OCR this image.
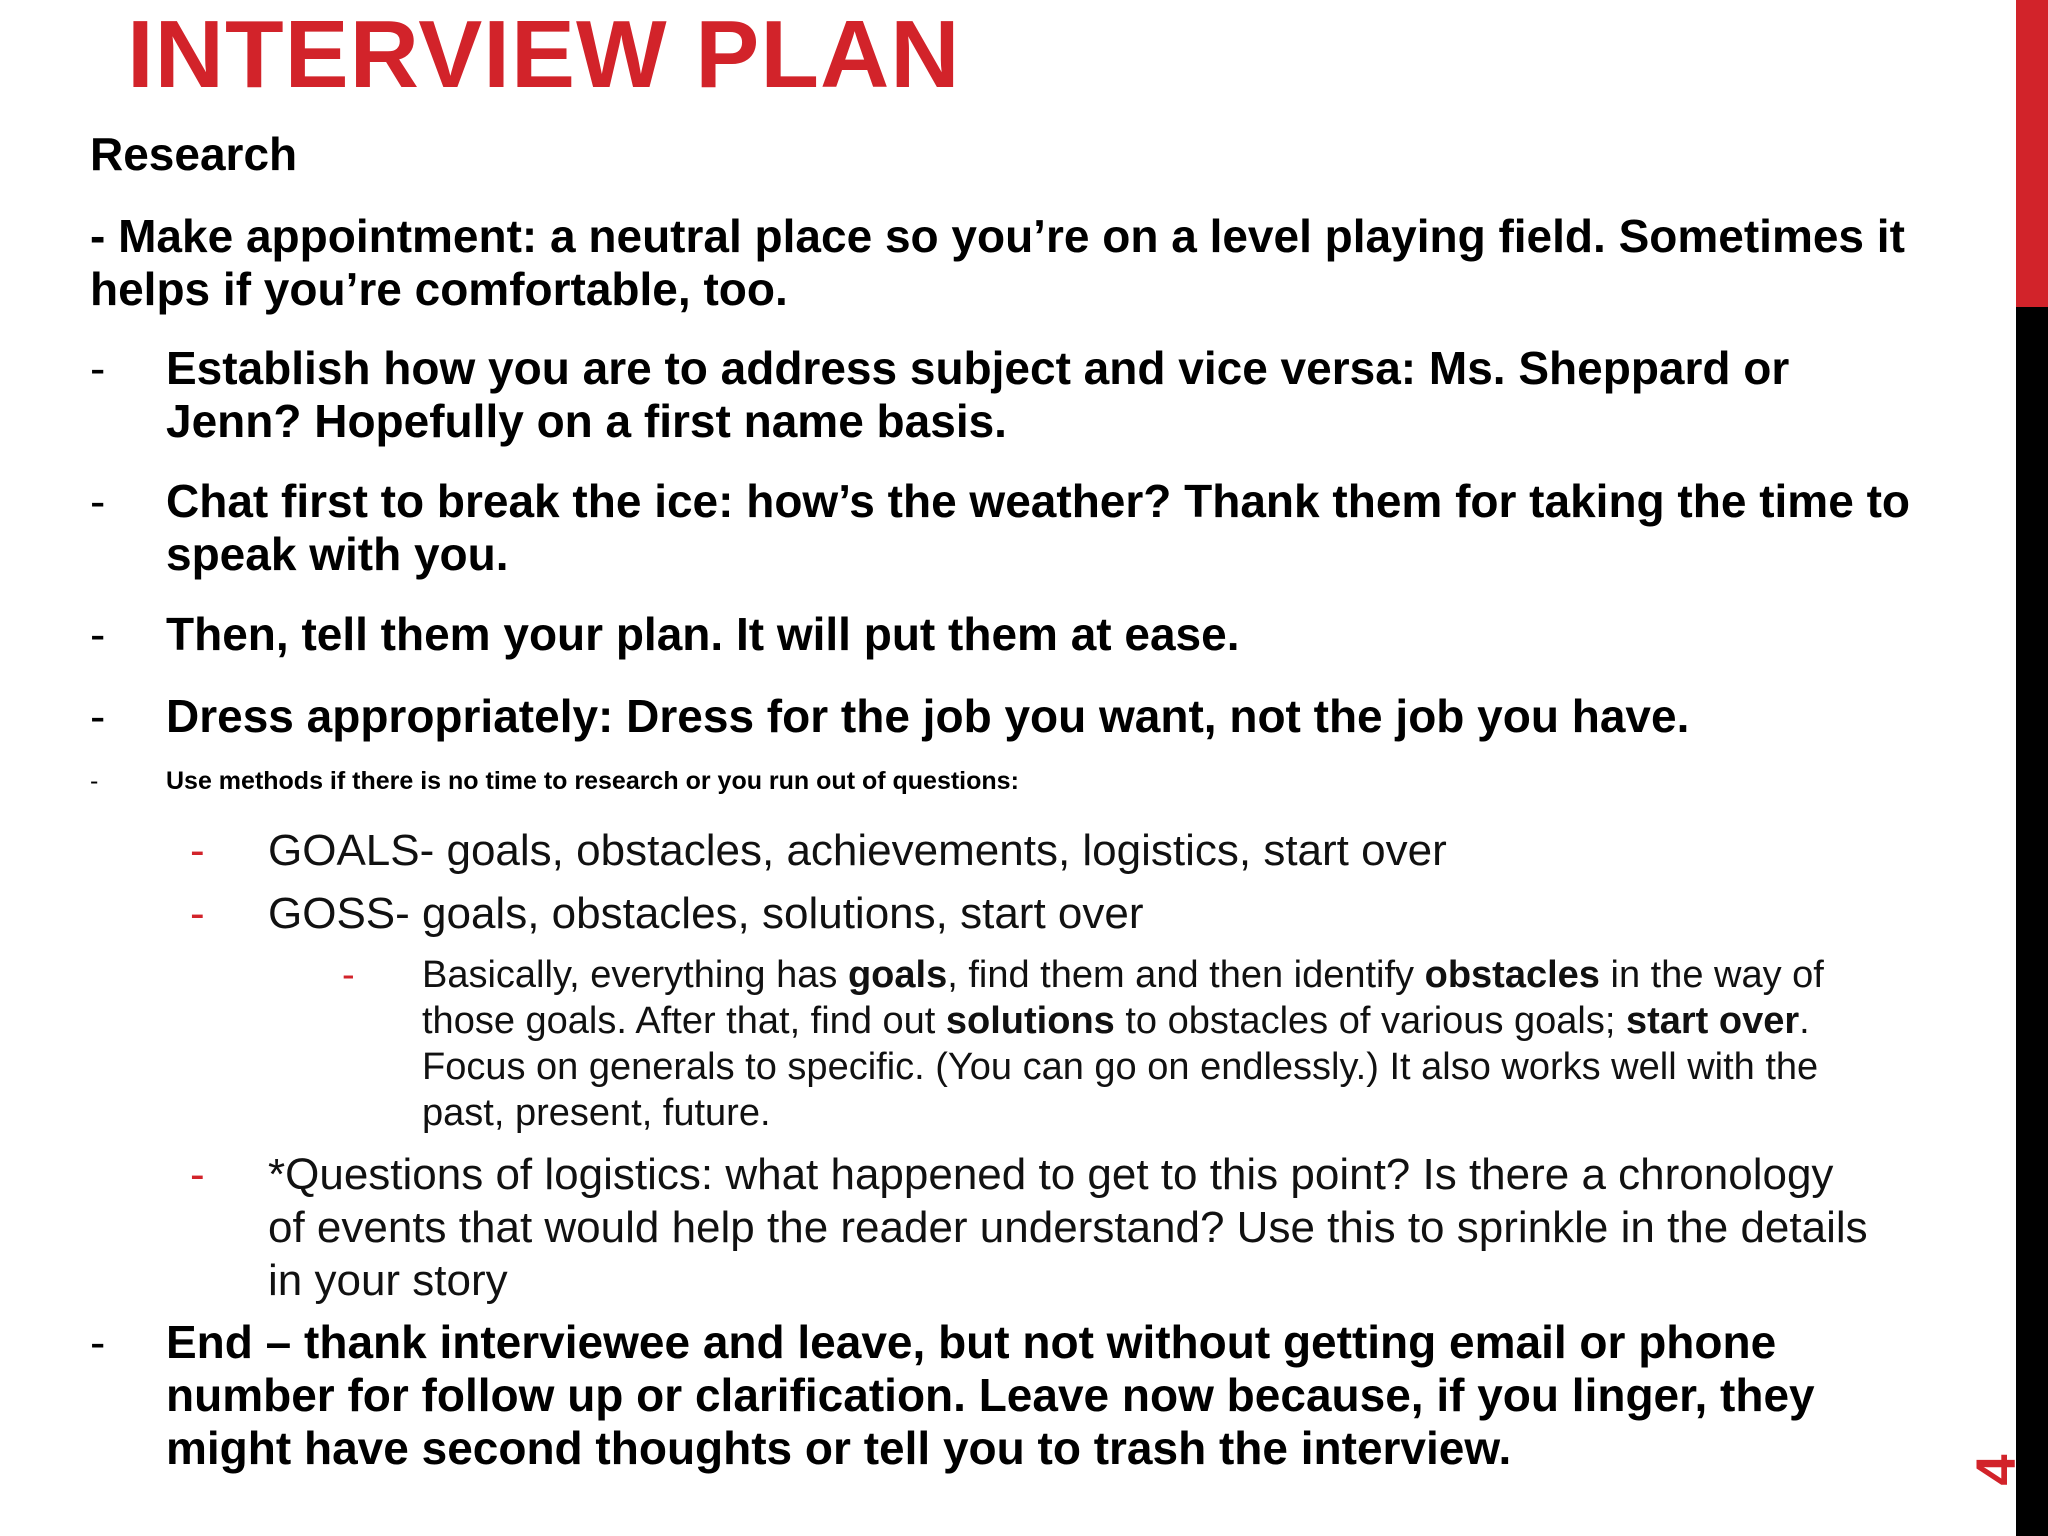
4
INTERVIEW PLAN

Research

- Make appointment: a neutral place so you’re on a level playing field. Sometimes it helps if you’re comfortable, too.

-	Establish how you are to address subject and vice versa: Ms. Sheppard or Jenn? Hopefully on a first name basis.
-	Chat first to break the ice: how’s the weather? Thank them for taking the time to speak with you.
-	Then, tell them your plan. It will put them at ease.
-	Dress appropriately: Dress for the job you want, not the job you have.
-	Use methods if there is no time to research or you run out of questions:
-	GOALS- goals, obstacles, achievements, logistics, start over
-	GOSS- goals, obstacles, solutions, start over
-	Basically, everything has goals, find them and then identify obstacles in the way of those goals. After that, find out solutions to obstacles of various goals; start over. Focus on generals to specific. (You can go on endlessly.) It also works well with the past, present, future.
-	*Questions of logistics: what happened to get to this point? Is there a chronology of events that would help the reader understand? Use this to sprinkle in the details in your story
-	End – thank interviewee and leave, but not without getting email or phone number for follow up or clarification. Leave now because, if you linger, they might have second thoughts or tell you to trash the interview.
